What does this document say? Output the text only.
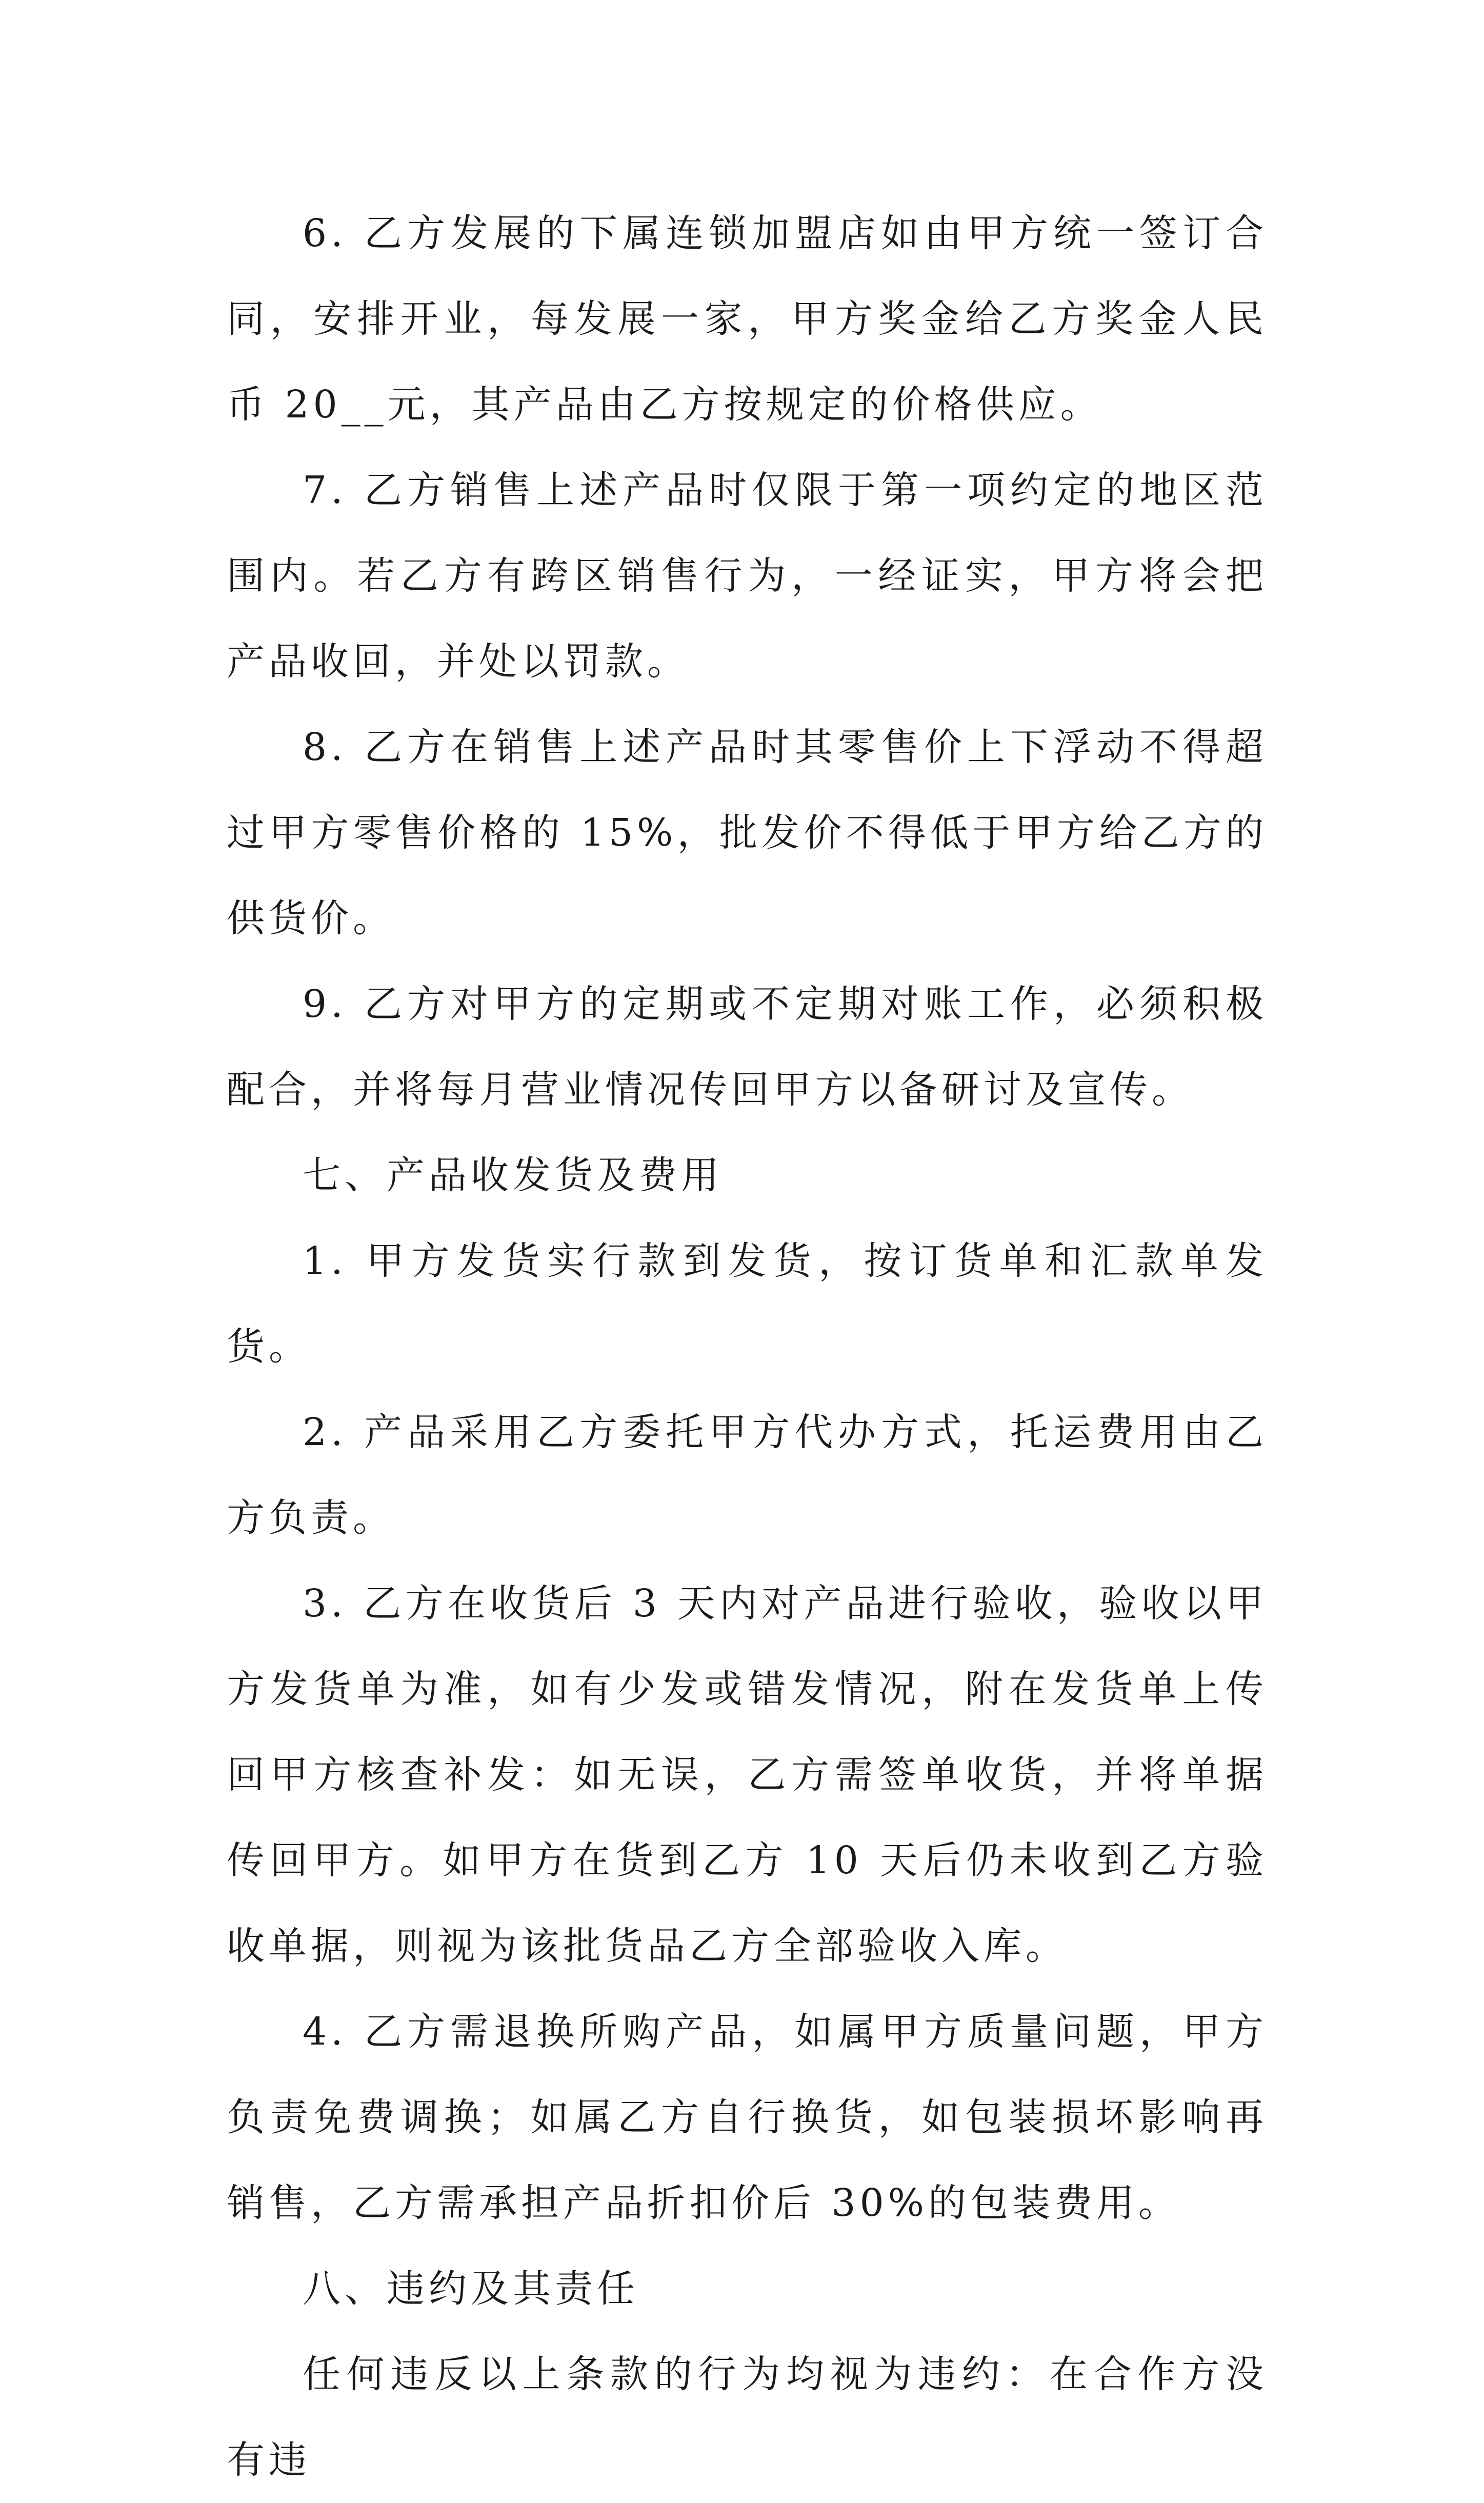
6. 乙方发展的下属连锁加盟店如由甲方统一签订合同，安排开业，每发展一家，甲方奖金给乙方奖金人民币 20__元，其产品由乙方按规定的价格供应。

7. 乙方销售上述产品时仅限于第一项约定的地区范围内。若乙方有跨区销售行为，一经证实，甲方将会把产品收回，并处以罚款。

8. 乙方在销售上述产品时其零售价上下浮动不得超过甲方零售价格的 15%，批发价不得低于甲方给乙方的供货价。

9. 乙方对甲方的定期或不定期对账工作，必须积极配合，并将每月营业情况传回甲方以备研讨及宣传。

七、产品收发货及费用

1. 甲方发货实行款到发货，按订货单和汇款单发货。

2. 产品采用乙方委托甲方代办方式，托运费用由乙方负责。

3. 乙方在收货后 3 天内对产品进行验收，验收以甲方发货单为准，如有少发或错发情况，附在发货单上传回甲方核查补发：如无误，乙方需签单收货，并将单据传回甲方。如甲方在货到乙方 10 天后仍未收到乙方验收单据，则视为该批货品乙方全部验收入库。

4. 乙方需退换所购产品，如属甲方质量问题，甲方负责免费调换；如属乙方自行换货，如包装损坏影响再销售，乙方需承担产品折扣价后 30%的包装费用。

八、违约及其责任

任何违反以上条款的行为均视为违约：在合作方没有违
